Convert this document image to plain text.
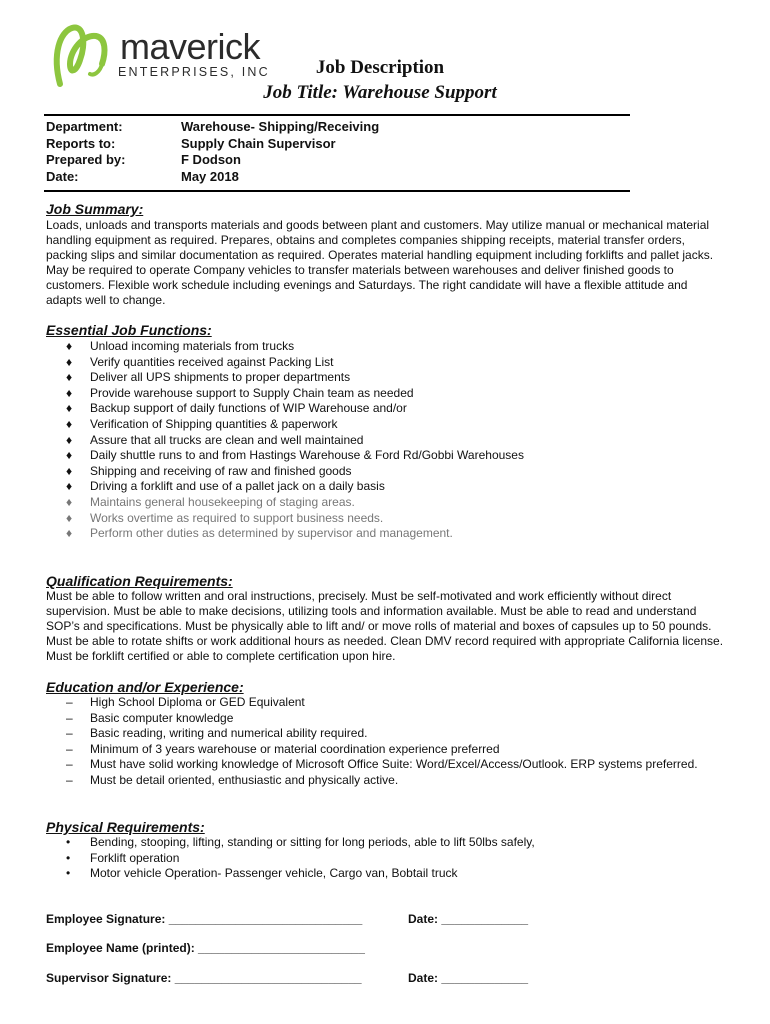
maverick
ENTERPRISES, INC	Job Description
Job Title: Warehouse Support
Department:	Warehouse- Shipping/Receiving
Reports to:	Supply Chain Supervisor
Prepared by:	F Dodson
Date:	May 2018
Job Summary:
Loads, unloads and transports materials and goods between plant and customers. May utilize manual or mechanical material handling equipment as required. Prepares, obtains and completes companies shipping receipts, material transfer orders, packing slips and similar documentation as required. Operates material handling equipment including forklifts and pallet jacks. May be required to operate Company vehicles to transfer materials between warehouses and deliver finished goods to customers. Flexible work schedule including evenings and Saturdays. The right candidate will have a flexible attitude and adapts well to change.
Essential Job Functions:
♦	Unload incoming materials from trucks
♦	Verify quantities received against Packing List
♦	Deliver all UPS shipments to proper departments
♦	Provide warehouse support to Supply Chain team as needed
♦	Backup support of daily functions of WIP Warehouse and/or
♦	Verification of Shipping quantities & paperwork
♦	Assure that all trucks are clean and well maintained
♦	Daily shuttle runs to and from Hastings Warehouse & Ford Rd/Gobbi Warehouses
♦	Shipping and receiving of raw and finished goods
♦	Driving a forklift and use of a pallet jack on a daily basis
♦	Maintains general housekeeping of staging areas.
♦	Works overtime as required to support business needs.
♦	Perform other duties as determined by supervisor and management.
Qualification Requirements:
Must be able to follow written and oral instructions, precisely. Must be self-motivated and work efficiently without direct supervision. Must be able to make decisions, utilizing tools and information available. Must be able to read and understand SOP’s and specifications. Must be physically able to lift and/ or move rolls of material and boxes of capsules up to 50 pounds. Must be able to rotate shifts or work additional hours as needed. Clean DMV record required with appropriate California license. Must be forklift certified or able to complete certification upon hire.
Education and/or Experience:
–	High School Diploma or GED Equivalent
–	Basic computer knowledge
–	Basic reading, writing and numerical ability required.
–	Minimum of 3 years warehouse or material coordination experience preferred
–	Must have solid working knowledge of Microsoft Office Suite: Word/Excel/Access/Outlook. ERP systems preferred.
–	Must be detail oriented, enthusiastic and physically active.
Physical Requirements:
•	Bending, stooping, lifting, standing or sitting for long periods, able to lift 50lbs safely,
•	Forklift operation
•	Motor vehicle Operation- Passenger vehicle, Cargo van, Bobtail truck
Employee Signature: _____________________________	Date: _____________
Employee Name (printed): _________________________
Supervisor Signature: ____________________________	Date: _____________
